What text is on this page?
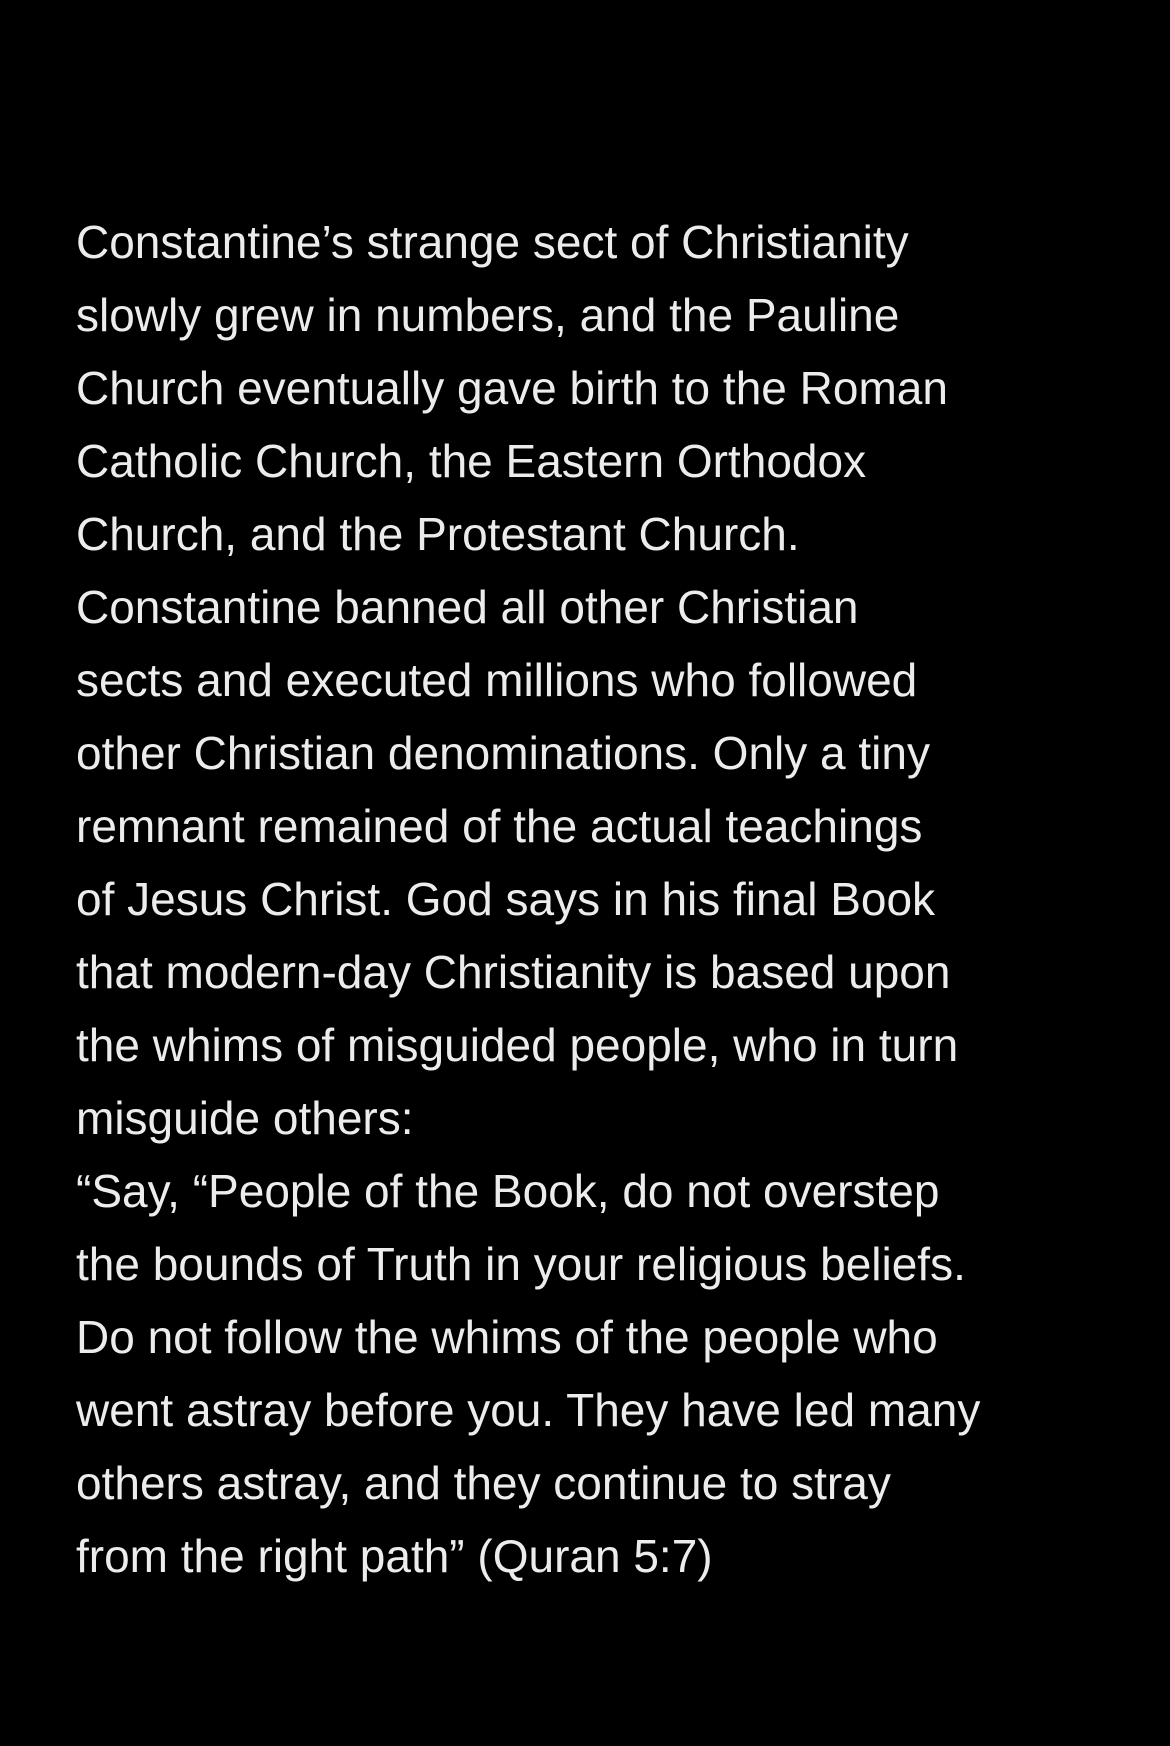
Constantine’s strange sect of Christianity
slowly grew in numbers, and the Pauline
Church eventually gave birth to the Roman
Catholic Church, the Eastern Orthodox
Church, and the Protestant Church.
Constantine banned all other Christian
sects and executed millions who followed
other Christian denominations. Only a tiny
remnant remained of the actual teachings
of Jesus Christ. God says in his final Book
that modern-day Christianity is based upon
the whims of misguided people, who in turn
misguide others:
“Say, “People of the Book, do not overstep
the bounds of Truth in your religious beliefs.
Do not follow the whims of the people who
went astray before you. They have led many
others astray, and they continue to stray
from the right path” (Quran 5:7)
